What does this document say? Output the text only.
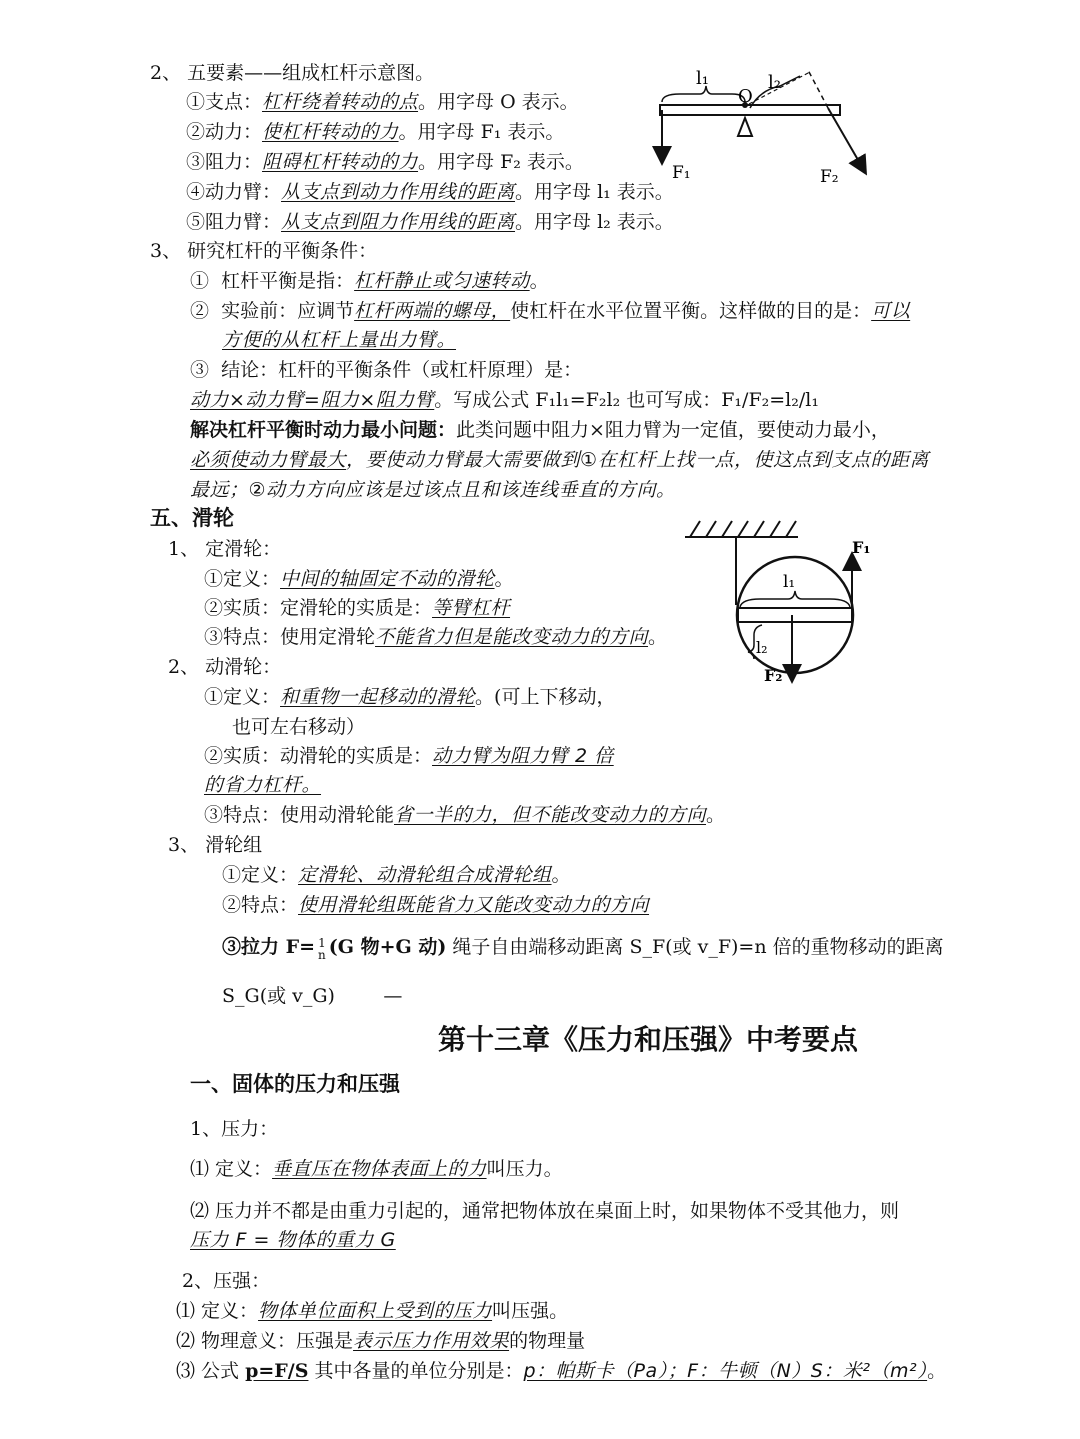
2、 五要素——组成杠杆示意图。
①支点：杠杆绕着转动的点。用字母 O 表示。
②动力：使杠杆转动的力。用字母 F₁ 表示。
③阻力：阻碍杠杆转动的力。用字母 F₂ 表示。
④动力臂：从支点到动力作用线的距离。用字母 l₁ 表示。
⑤阻力臂：从支点到阻力作用线的距离。用字母 l₂ 表示。
O
l₁	l₂
F₁	F₂
3、 研究杠杆的平衡条件：
① 杠杆平衡是指：杠杆静止或匀速转动。
② 实验前：应调节杠杆两端的螺母，使杠杆在水平位置平衡。这样做的目的是：可以
方便的从杠杆上量出力臂。
③ 结论：杠杆的平衡条件（或杠杆原理）是：
动力×动力臂=阻力×阻力臂。写成公式 F₁l₁=F₂l₂ 也可写成：F₁/F₂=l₂/l₁
解决杠杆平衡时动力最小问题：此类问题中阻力×阻力臂为一定值，要使动力最小，
必须使动力臂最大，要使动力臂最大需要做到①在杠杆上找一点，使这点到支点的距离
最远；②动力方向应该是过该点且和该连线垂直的方向。
五、滑轮
1、 定滑轮：
①定义：中间的轴固定不动的滑轮。
②实质：定滑轮的实质是：等臂杠杆
③特点：使用定滑轮不能省力但是能改变动力的方向。
F₁
l₁
l₂
F₂
2、 动滑轮：
①定义：和重物一起移动的滑轮。(可上下移动，
也可左右移动）
②实质：动滑轮的实质是：动力臂为阻力臂 2 倍
的省力杠杆。
③特点：使用动滑轮能省一半的力，但不能改变动力的方向。
3、 滑轮组
①定义：定滑轮、动滑轮组合成滑轮组。
②特点：使用滑轮组既能省力又能改变动力的方向
③拉力 F= 1
n (G 物+G 动) 绳子自由端移动距离 S_F(或 v_F)=n 倍的重物移动的距离
S_G(或 v_G)	—
第十三章《压力和压强》中考要点
一、固体的压力和压强
1、压力：
⑴ 定义：垂直压在物体表面上的力叫压力。
⑵ 压力并不都是由重力引起的，通常把物体放在桌面上时，如果物体不受其他力，则
压力 F = 物体的重力 G
2、压强：
⑴ 定义：物体单位面积上受到的压力叫压强。
⑵ 物理意义：压强是表示压力作用效果的物理量
⑶ 公式 p=F/S 其中各量的单位分别是：p：帕斯卡（Pa）；F：牛顿（N）S：米²（m²）。
